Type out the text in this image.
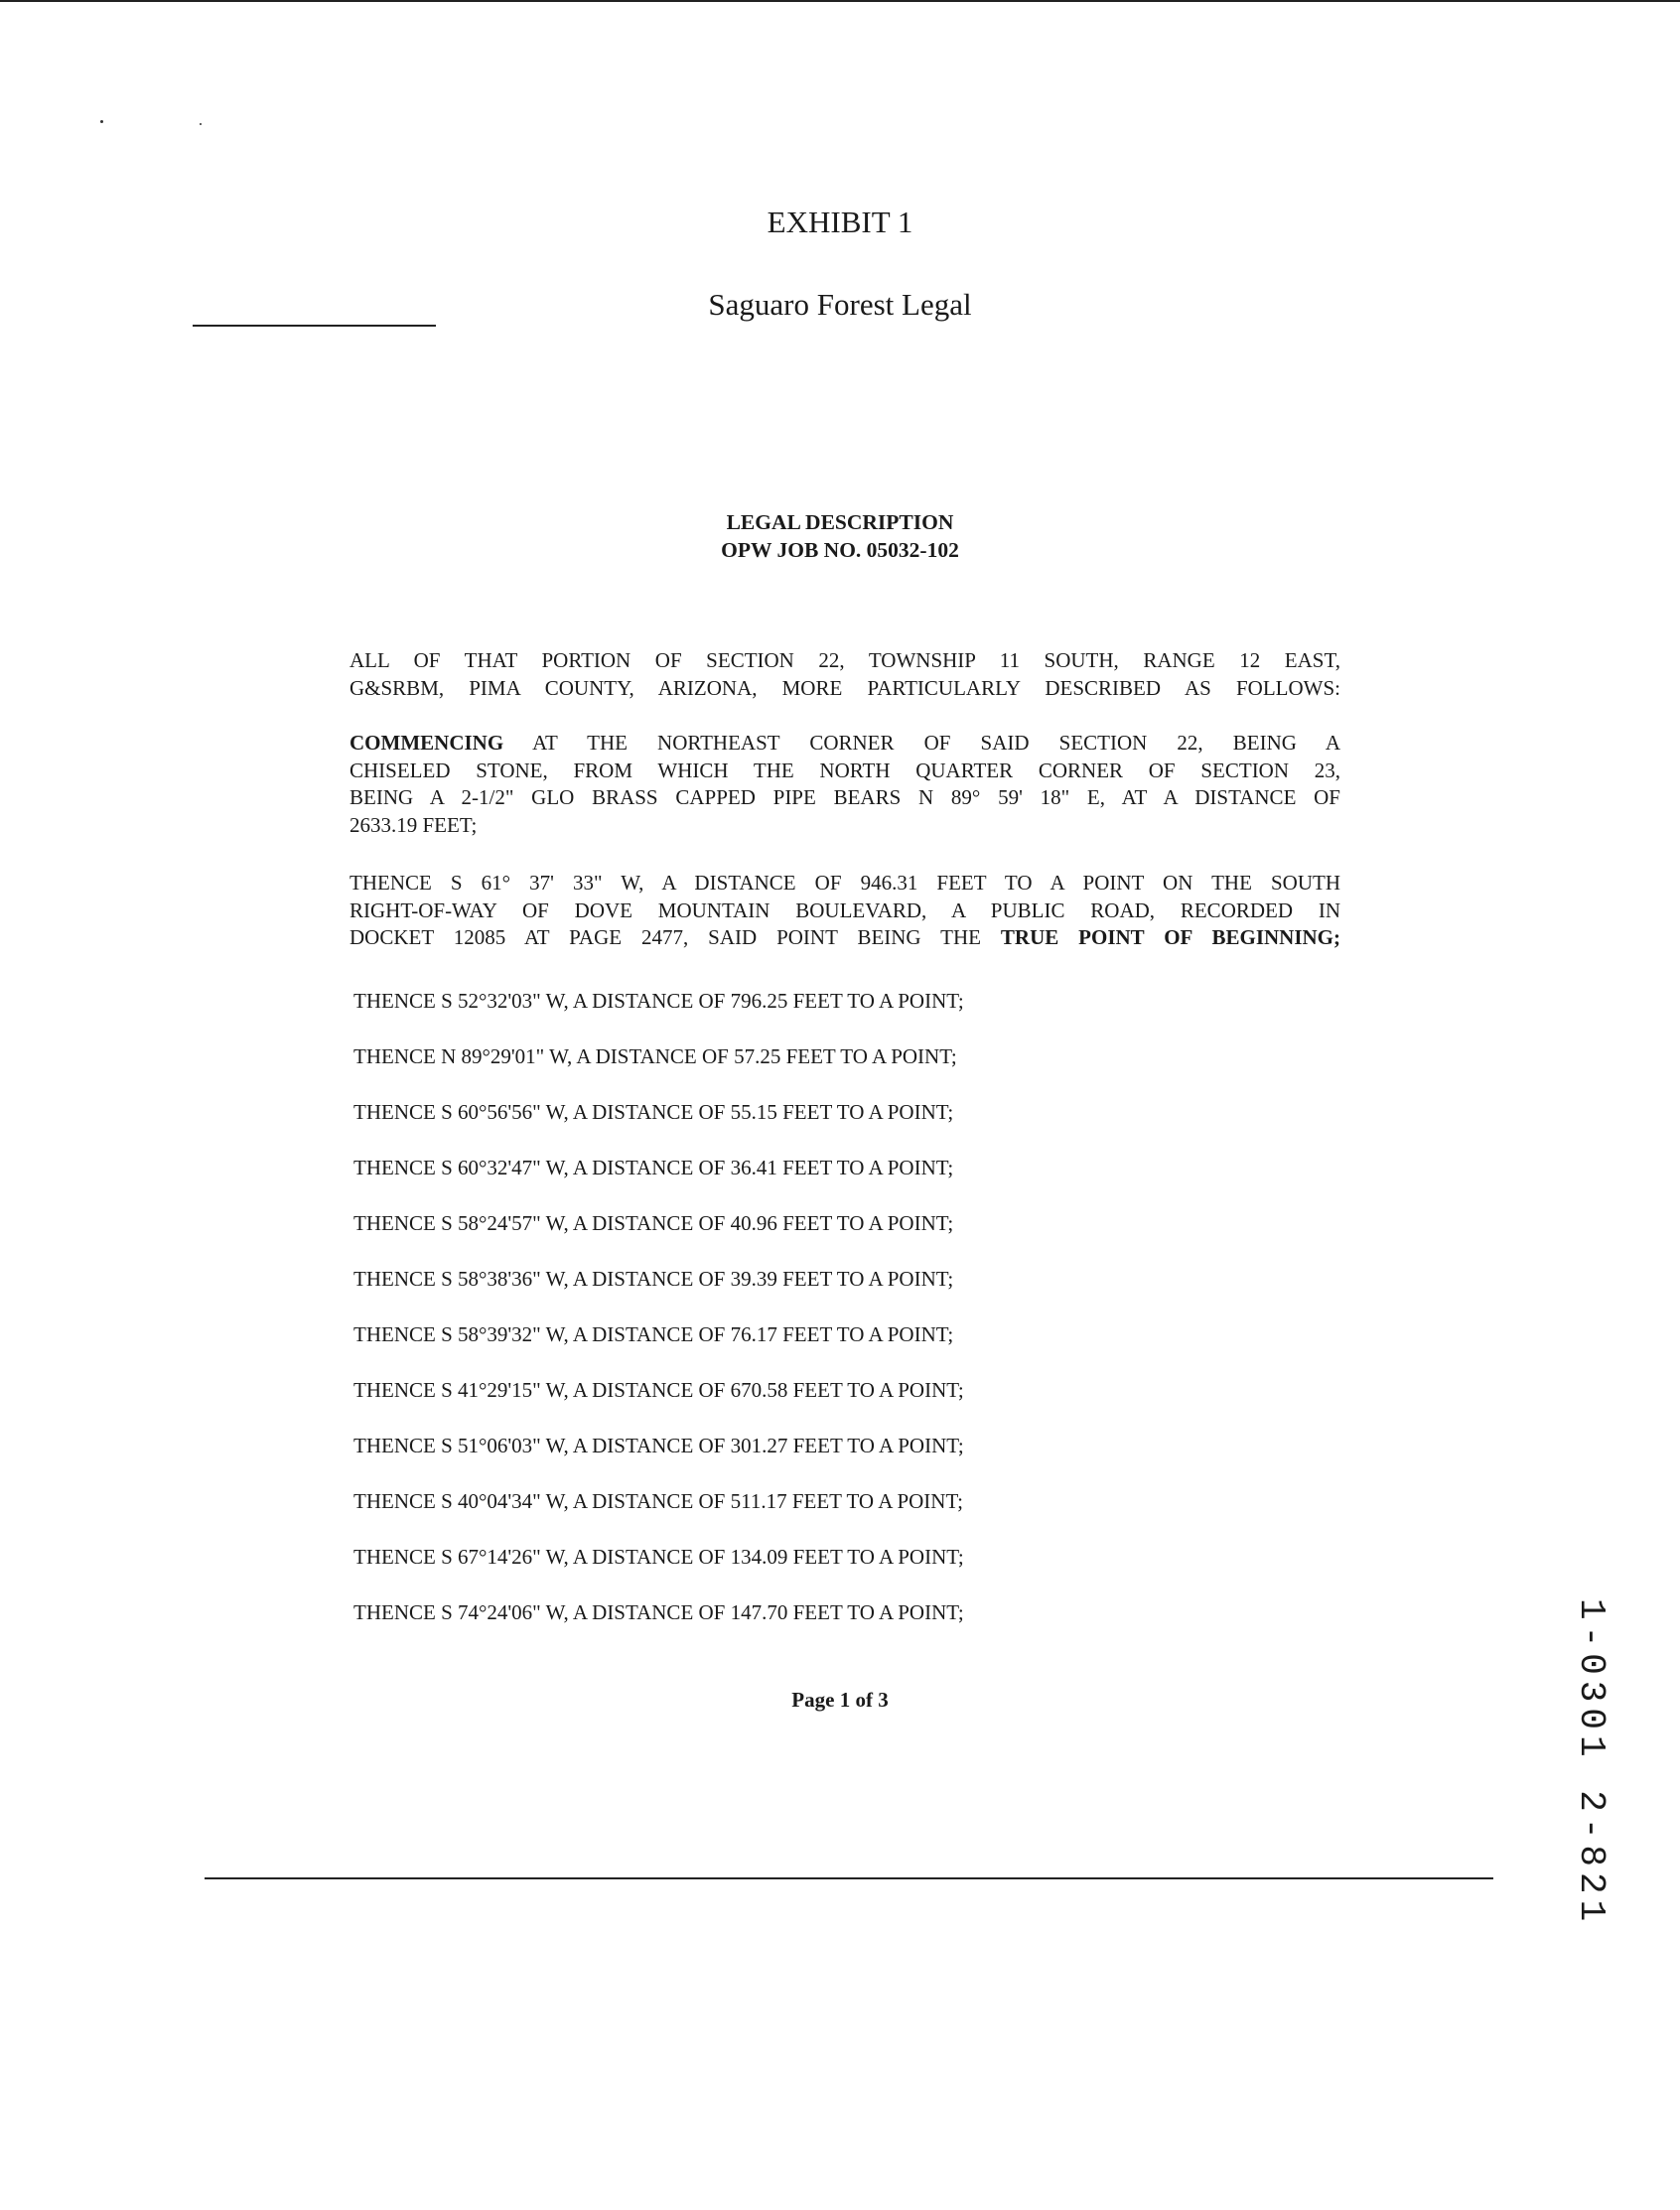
EXHIBIT 1
Saguaro Forest Legal
LEGAL DESCRIPTION
OPW JOB NO. 05032-102
ALL OF THAT PORTION OF SECTION 22, TOWNSHIP 11 SOUTH, RANGE 12 EAST,
G&SRBM, PIMA COUNTY, ARIZONA, MORE PARTICULARLY DESCRIBED AS FOLLOWS:
COMMENCING AT THE NORTHEAST CORNER OF SAID SECTION 22, BEING A
CHISELED STONE, FROM WHICH THE NORTH QUARTER CORNER OF SECTION 23,
BEING A 2-1/2" GLO BRASS CAPPED PIPE BEARS N 89° 59' 18" E, AT A DISTANCE OF
2633.19 FEET;
THENCE S 61° 37' 33" W, A DISTANCE OF 946.31 FEET TO A POINT ON THE SOUTH
RIGHT-OF-WAY OF DOVE MOUNTAIN BOULEVARD, A PUBLIC ROAD, RECORDED IN
DOCKET 12085 AT PAGE 2477, SAID POINT BEING THE TRUE POINT OF BEGINNING;
THENCE S 52°32'03" W, A DISTANCE OF 796.25 FEET TO A POINT;
THENCE N 89°29'01" W, A DISTANCE OF 57.25 FEET TO A POINT;
THENCE S 60°56'56" W, A DISTANCE OF 55.15 FEET TO A POINT;
THENCE S 60°32'47" W, A DISTANCE OF 36.41 FEET TO A POINT;
THENCE S 58°24'57" W, A DISTANCE OF 40.96 FEET TO A POINT;
THENCE S 58°38'36" W, A DISTANCE OF 39.39 FEET TO A POINT;
THENCE S 58°39'32" W, A DISTANCE OF 76.17 FEET TO A POINT;
THENCE S 41°29'15" W, A DISTANCE OF 670.58 FEET TO A POINT;
THENCE S 51°06'03" W, A DISTANCE OF 301.27 FEET TO A POINT;
THENCE S 40°04'34" W, A DISTANCE OF 511.17 FEET TO A POINT;
THENCE S 67°14'26" W, A DISTANCE OF 134.09 FEET TO A POINT;
THENCE S 74°24'06" W, A DISTANCE OF 147.70 FEET TO A POINT;
Page 1 of 3	1-0301 2-821
